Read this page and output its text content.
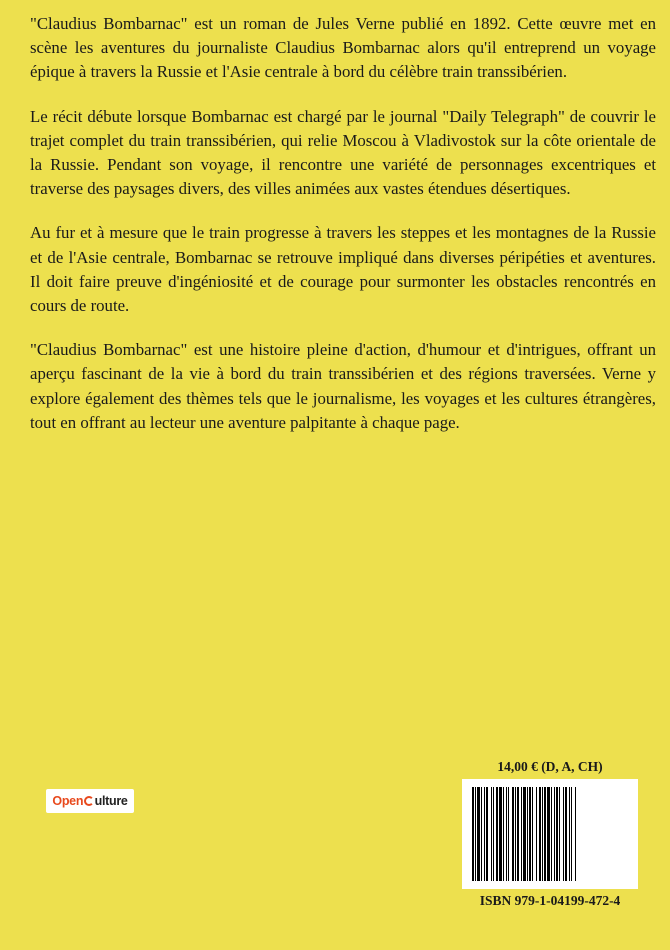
"Claudius Bombarnac" est un roman de Jules Verne publié en 1892. Cette œuvre met en scène les aventures du journaliste Claudius Bombarnac alors qu'il entreprend un voyage épique à travers la Russie et l'Asie centrale à bord du célèbre train transsibérien.

Le récit débute lorsque Bombarnac est chargé par le journal "Daily Telegraph" de couvrir le trajet complet du train transsibérien, qui relie Moscou à Vladivostok sur la côte orientale de la Russie. Pendant son voyage, il rencontre une variété de personnages excentriques et traverse des paysages divers, des villes animées aux vastes étendues désertiques.

Au fur et à mesure que le train progresse à travers les steppes et les montagnes de la Russie et de l'Asie centrale, Bombarnac se retrouve impliqué dans diverses péripéties et aventures. Il doit faire preuve d'ingéniosité et de courage pour surmonter les obstacles rencontrés en cours de route.

"Claudius Bombarnac" est une histoire pleine d'action, d'humour et d'intrigues, offrant un aperçu fascinant de la vie à bord du train transsibérien et des régions traversées. Verne y explore également des thèmes tels que le journalisme, les voyages et les cultures étrangères, tout en offrant au lecteur une aventure palpitante à chaque page.

Open ulture
14,00 € (D, A, CH)
ISBN 979-1-04199-472-4
